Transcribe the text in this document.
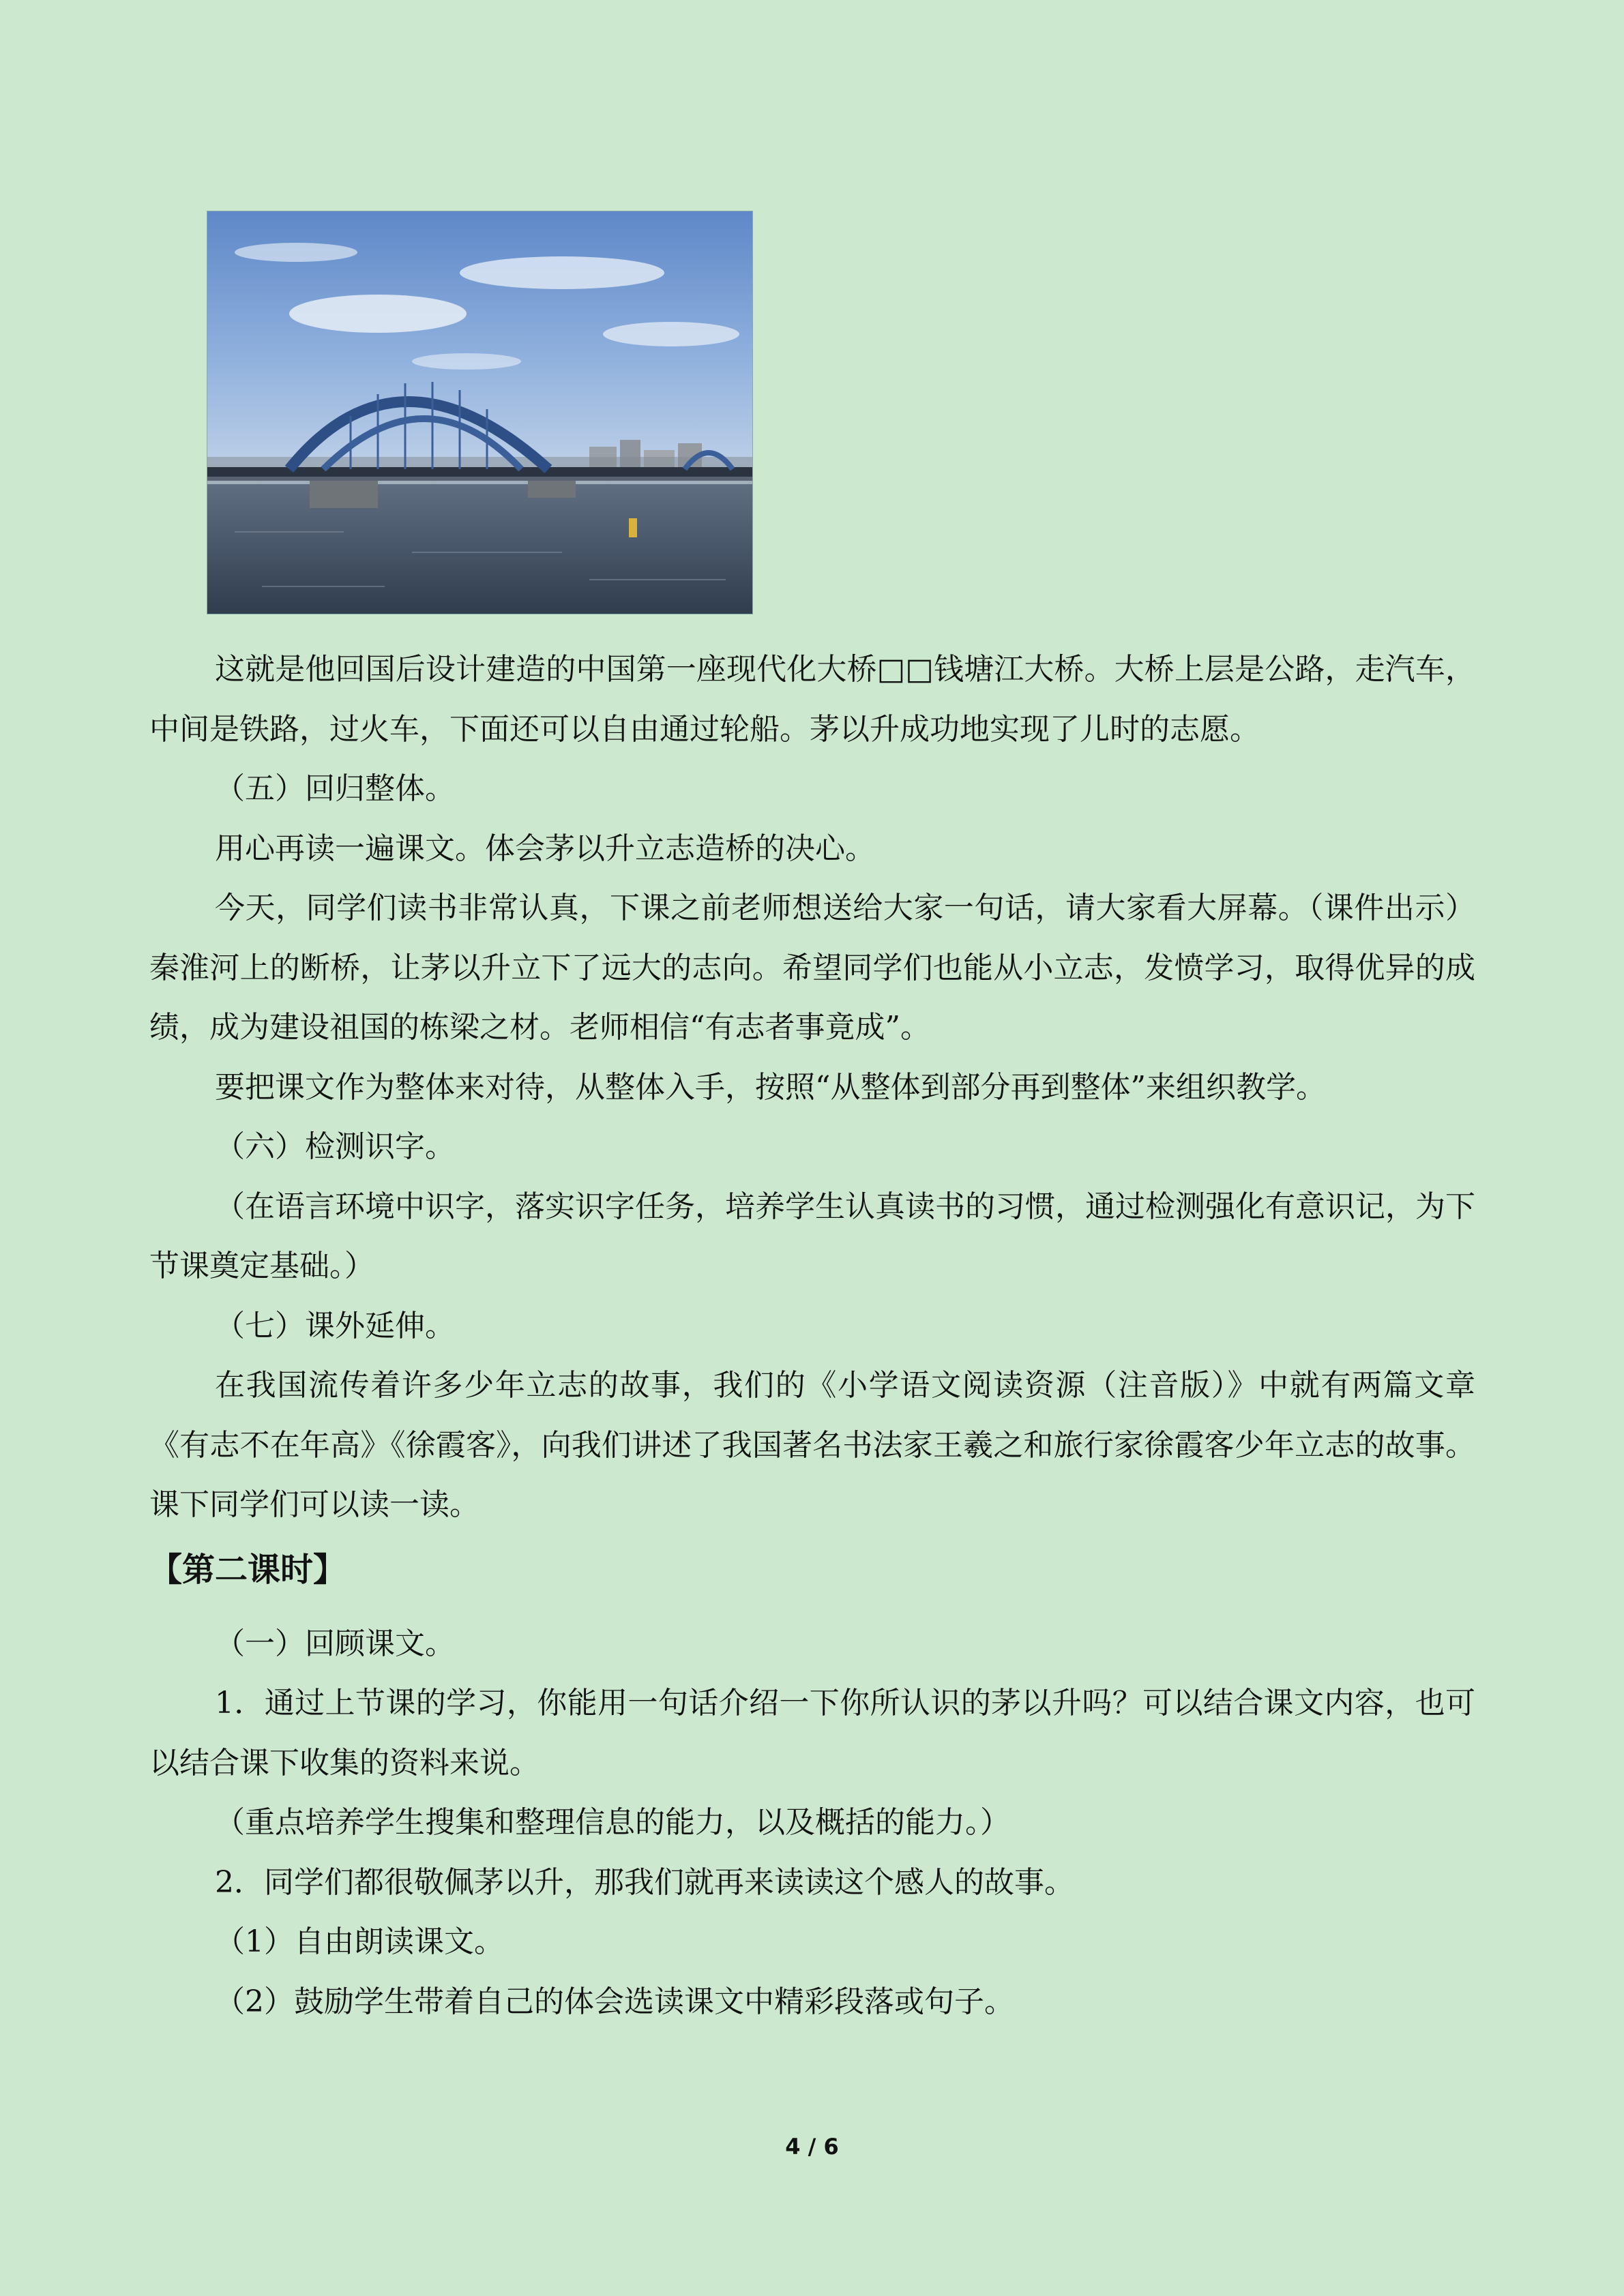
这就是他回国后设计建造的中国第一座现代化大桥□□钱塘江大桥。大桥上层是公路，走汽车，中间是铁路，过火车，下面还可以自由通过轮船。茅以升成功地实现了儿时的志愿。

（五）回归整体。

用心再读一遍课文。体会茅以升立志造桥的决心。

今天，同学们读书非常认真，下课之前老师想送给大家一句话，请大家看大屏幕。（课件出示）秦淮河上的断桥，让茅以升立下了远大的志向。希望同学们也能从小立志，发愤学习，取得优异的成绩，成为建设祖国的栋梁之材。老师相信“有志者事竟成”。

要把课文作为整体来对待，从整体入手，按照“从整体到部分再到整体”来组织教学。

（六）检测识字。

（在语言环境中识字，落实识字任务，培养学生认真读书的习惯，通过检测强化有意识记，为下节课奠定基础。）

（七）课外延伸。

在我国流传着许多少年立志的故事，我们的《小学语文阅读资源（注音版）》中就有两篇文章《有志不在年高》《徐霞客》，向我们讲述了我国著名书法家王羲之和旅行家徐霞客少年立志的故事。课下同学们可以读一读。

【第二课时】

（一）回顾课文。

1．通过上节课的学习，你能用一句话介绍一下你所认识的茅以升吗？可以结合课文内容，也可以结合课下收集的资料来说。

（重点培养学生搜集和整理信息的能力，以及概括的能力。）

2．同学们都很敬佩茅以升，那我们就再来读读这个感人的故事。

（1）自由朗读课文。

（2）鼓励学生带着自己的体会选读课文中精彩段落或句子。

4 / 6
